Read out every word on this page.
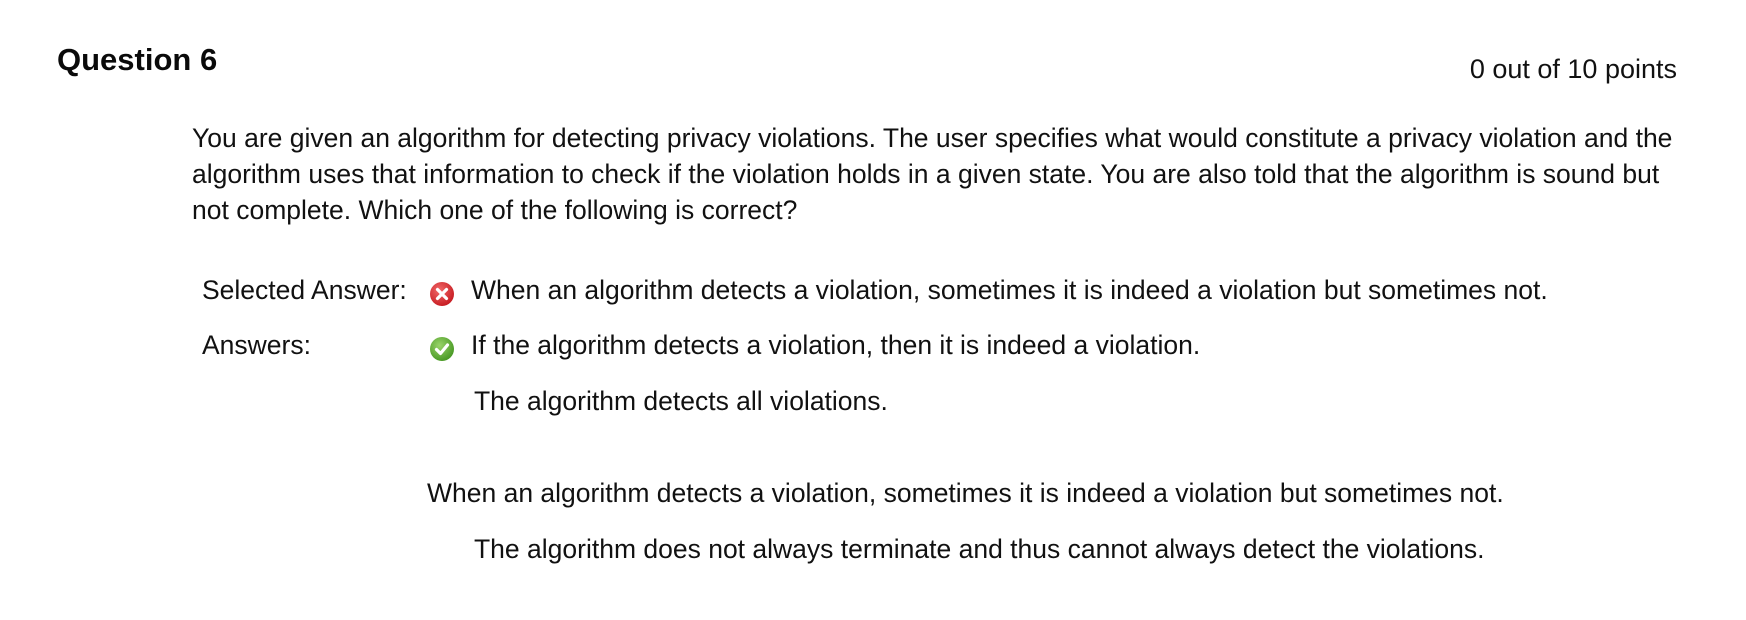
Question 6	0 out of 10 points

You are given an algorithm for detecting privacy violations. The user specifies what would constitute a privacy violation and the algorithm uses that information to check if the violation holds in a given state. You are also told that the algorithm is sound but not complete. Which one of the following is correct?

Selected Answer: When an algorithm detects a violation, sometimes it is indeed a violation but sometimes not.
Answers:	If the algorithm detects a violation, then it is indeed a violation.
The algorithm detects all violations.
When an algorithm detects a violation, sometimes it is indeed a violation but sometimes not.
The algorithm does not always terminate and thus cannot always detect the violations.
